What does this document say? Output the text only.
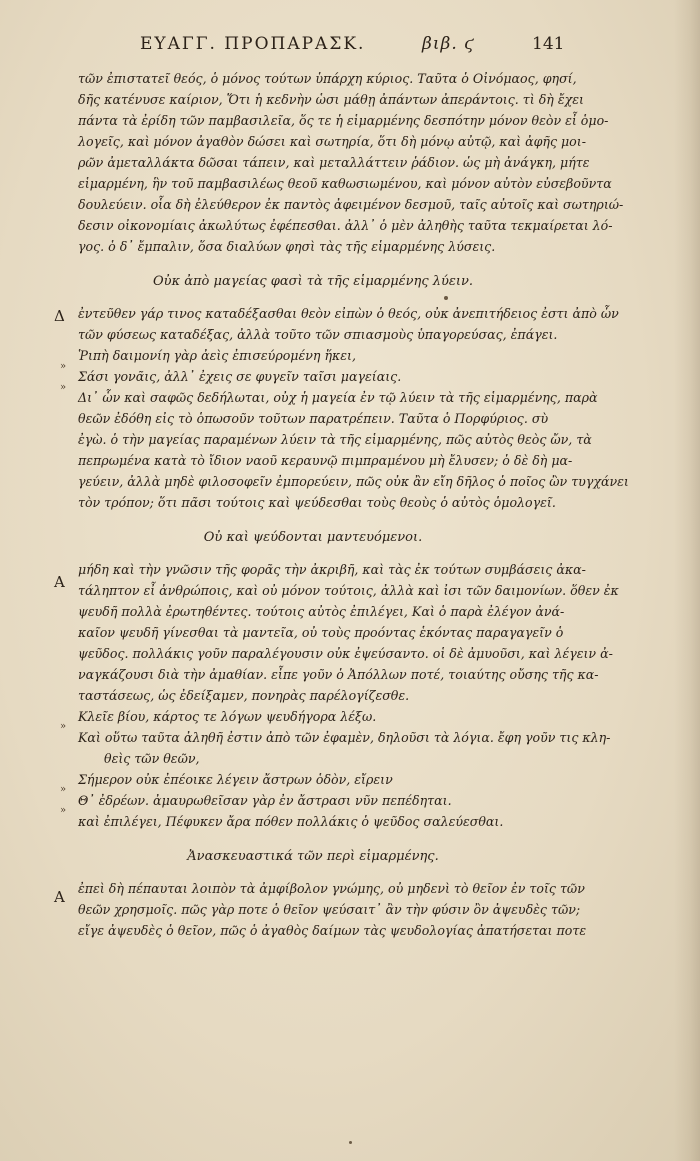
ΕΥΑΓΓ. ΠΡΟΠΑΡΑΣΚ.	βιβ. ϛ	141
Δ
Α
Α
»
»
»
»
»
τῶν ἐπιστατεῖ θεός, ὁ μόνος τούτων ὑπάρχη κύριος. Ταῦτα ὁ Οἰνόμαος, φησί,
δῆς κατένυσε καίριον, Ὅτι ἡ κεδνὴν ὡσι μάθῃ ἀπάντων ἀπεράντοις. τὶ δὴ ἔχει
πάντα τὰ ἐρίδη τῶν παμβασιλεῖα, ὅς τε ἡ εἱμαρμένης δεσπότην μόνον θεὸν εἶ ὁμο-
λογεῖς, καὶ μόνον ἀγαθὸν δώσει καὶ σωτηρία, ὅτι δὴ μόνῳ αὐτῷ, καὶ ἀφῆς μοι-
ρῶν ἀμεταλλάκτα δῶσαι τάπειν, καὶ μεταλλάττειν ῥάδιον. ὡς μὴ ἀνάγκη, μήτε
εἱμαρμένη, ἣν τοῦ παμβασιλέως θεοῦ καθωσιωμένου, καὶ μόνον αὐτὸν εὐσεβοῦντα
δουλεύειν. οἷα δὴ ἐλεύθερον ἐκ παντὸς ἀφειμένον δεσμοῦ, ταῖς αὐτοῖς καὶ σωτηριώ-
δεσιν οἰκονομίαις ἀκωλύτως ἐφέπεσθαι. ἀλλ᾽ ὁ μὲν ἀληθὴς ταῦτα τεκμαίρεται λό-
γος. ὁ δ᾽ ἔμπαλιν, ὅσα διαλύων φησὶ τὰς τῆς εἱμαρμένης λύσεις.
Οὐκ ἀπὸ μαγείας φασὶ τὰ τῆς εἱμαρμένης λύειν.
ἐντεῦθεν γάρ τινος καταδέξασθαι θεὸν εἰπὼν ὁ θεός, οὐκ ἀνεπιτήδειος ἐστι ἀπὸ ὧν
τῶν φύσεως καταδέξας, ἀλλὰ τοῦτο τῶν σπιασμοὺς ὑπαγορεύσας, ἐπάγει.
Ῥιπὴ δαιμονίη γὰρ ἀεὶς ἐπισεύρομένη ἥκει,
Σάσι γονᾶις, ἀλλ᾽ ἐχεις σε φυγεῖν ταῖσι μαγείαις.
Δι᾽ ὧν καὶ σαφῶς δεδήλωται, οὐχ ἡ μαγεία ἐν τῷ λύειν τὰ τῆς εἱμαρμένης, παρὰ
θεῶν ἐδόθη εἰς τὸ ὁπωσοῦν τοῦτων παρατρέπειν. Ταῦτα ὁ Πορφύριος. σὺ
ἐγὼ. ὁ τὴν μαγείας παραμένων λύειν τὰ τῆς εἱμαρμένης, πῶς αὐτὸς θεὸς ὤν, τὰ
πεπρωμένα κατὰ τὸ ἴδιον ναοῦ κεραυνῷ πιμπραμένου μὴ ἔλυσεν; ὁ δὲ δὴ μα-
γεύειν, ἀλλὰ μηδὲ φιλοσοφεῖν ἐμπορεύειν, πῶς οὐκ ἂν εἴη δῆλος ὁ ποῖος ὢν τυγχάνει
τὸν τρόπον; ὅτι πᾶσι τούτοις καὶ ψεύδεσθαι τοὺς θεοὺς ὁ αὐτὸς ὁμολογεῖ.
Οὐ καὶ ψεύδονται μαντευόμενοι.
μήδη καὶ τὴν γνῶσιν τῆς φορᾶς τὴν ἀκριβῆ, καὶ τὰς ἐκ τούτων συμβάσεις ἀκα-
τάληπτον εἶ ἀνθρώποις, καὶ οὐ μόνον τούτοις, ἀλλὰ καὶ ἰσι τῶν δαιμονίων. ὅθεν ἐκ
ψευδῆ πολλὰ ἐρωτηθέντες. τούτοις αὐτὸς ἐπιλέγει, Καὶ ὁ παρὰ ἐλέγον ἀνά-
καῖον ψευδῆ γίνεσθαι τὰ μαντεῖα, οὐ τοὺς προόντας ἑκόντας παραγαγεῖν ὁ
ψεῦδος. πολλάκις γοῦν παραλέγουσιν οὐκ ἐψεύσαντο. οἱ δὲ ἀμυοῦσι, καὶ λέγειν ἀ-
ναγκάζουσι διὰ τὴν ἀμαθίαν. εἶπε γοῦν ὁ Ἀπόλλων ποτέ, τοιαύτης οὔσης τῆς κα-
ταστάσεως, ὡς ἐδείξαμεν, πονηρὰς παρέλογίζεσθε.
Κλεῖε βίου, κάρτος τε λόγων ψευδήγορα λέξω.
Καὶ οὕτω ταῦτα ἀληθῆ ἐστιν ἀπὸ τῶν ἐφαμὲν, δηλοῦσι τὰ λόγια. ἔφη γοῦν τις κλη-
θεὶς τῶν θεῶν,
Σήμερον οὐκ ἐπέοικε λέγειν ἄστρων ὁδὸν, εἴρειν
Θ᾽ ἐδρέων. ἀμαυρωθεῖσαν γὰρ ἐν ἄστρασι νῦν πεπέδηται.
καὶ ἐπιλέγει, Πέφυκεν ἄρα πόθεν πολλάκις ὁ ψεῦδος σαλεύεσθαι.
Ἀνασκευαστικά τῶν περὶ εἱμαρμένης.
ἐπεὶ δὴ πέπαυται λοιπὸν τὰ ἀμφίβολον γνώμης, οὐ μηδενὶ τὸ θεῖον ἐν τοῖς τῶν
θεῶν χρησμοῖς. πῶς γὰρ ποτε ὁ θεῖον ψεύσαιτ᾽ ἂν τὴν φύσιν ὂν ἀψευδὲς τῶν;
εἴγε ἀψευδὲς ὁ θεῖον, πῶς ὁ ἀγαθὸς δαίμων τὰς ψευδολογίας ἀπατήσεται ποτε
